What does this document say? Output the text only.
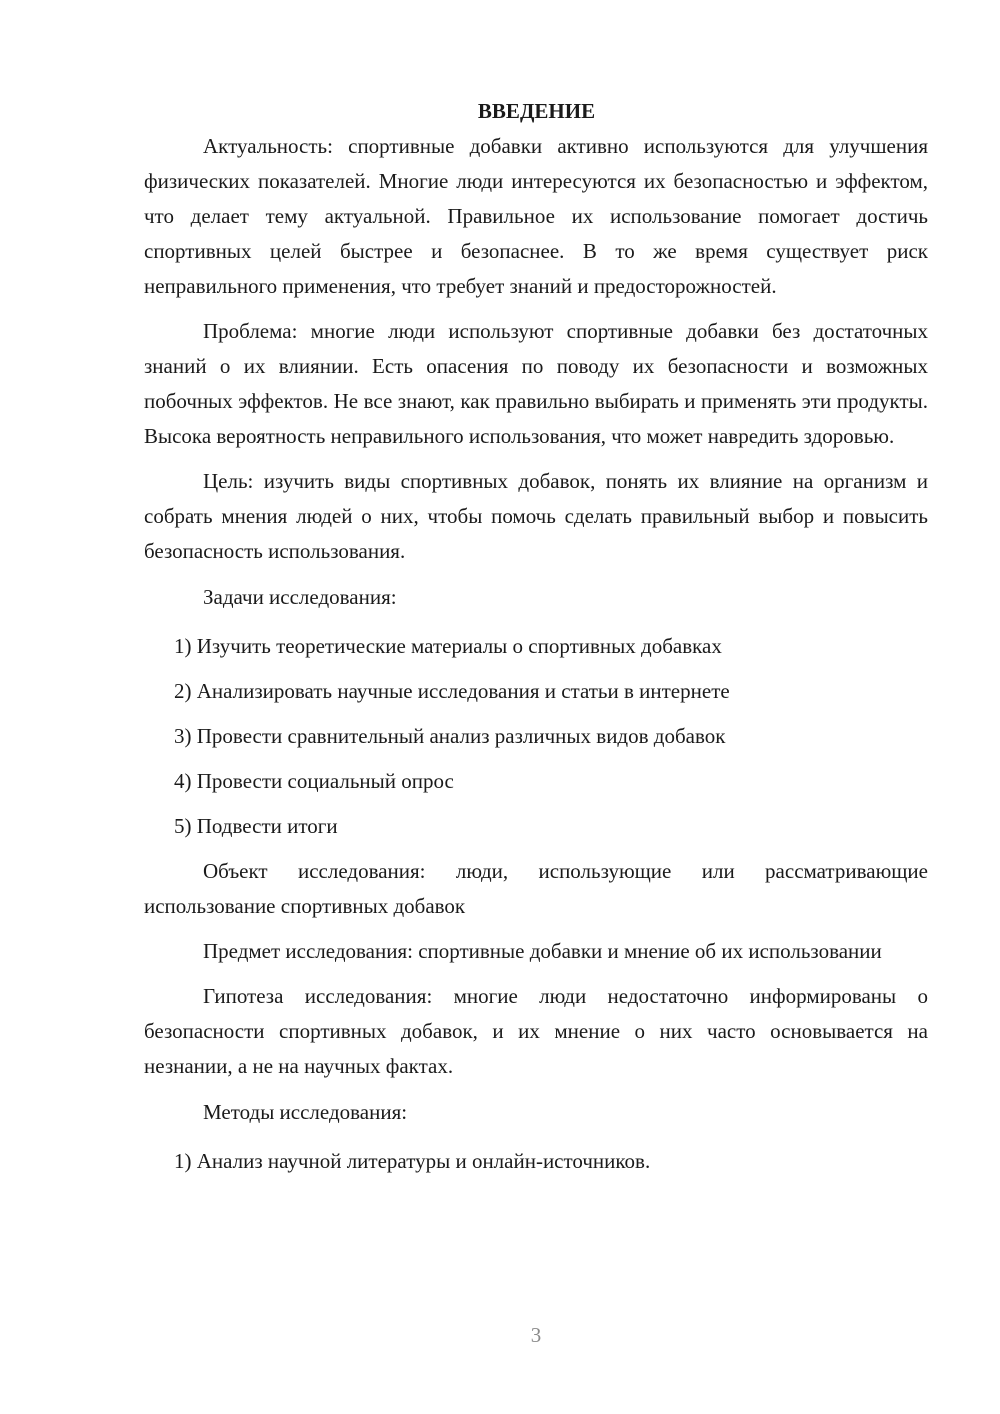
ВВЕДЕНИЕ

Актуальность: спортивные добавки активно используются для улучшения физических показателей. Многие люди интересуются их безопасностью и эффектом, что делает тему актуальной. Правильное их использование помогает достичь спортивных целей быстрее и безопаснее. В то же время существует риск неправильного применения, что требует знаний и предосторожностей.

Проблема: многие люди используют спортивные добавки без достаточных знаний о их влиянии. Есть опасения по поводу их безопасности и возможных побочных эффектов. Не все знают, как правильно выбирать и применять эти продукты. Высока вероятность неправильного использования, что может навредить здоровью.

Цель: изучить виды спортивных добавок, понять их влияние на организм и собрать мнения людей о них, чтобы помочь сделать правильный выбор и повысить безопасность использования.

Задачи исследования:

1) Изучить теоретические материалы о спортивных добавках

2) Анализировать научные исследования и статьи в интернете

3) Провести сравнительный анализ различных видов добавок

4) Провести социальный опрос

5) Подвести итоги

Объект исследования: люди, использующие или рассматривающие использование спортивных добавок

Предмет исследования: спортивные добавки и мнение об их использовании

Гипотеза исследования: многие люди недостаточно информированы о безопасности спортивных добавок, и их мнение о них часто основывается на незнании, а не на научных фактах.

Методы исследования:

1) Анализ научной литературы и онлайн-источников.

3
